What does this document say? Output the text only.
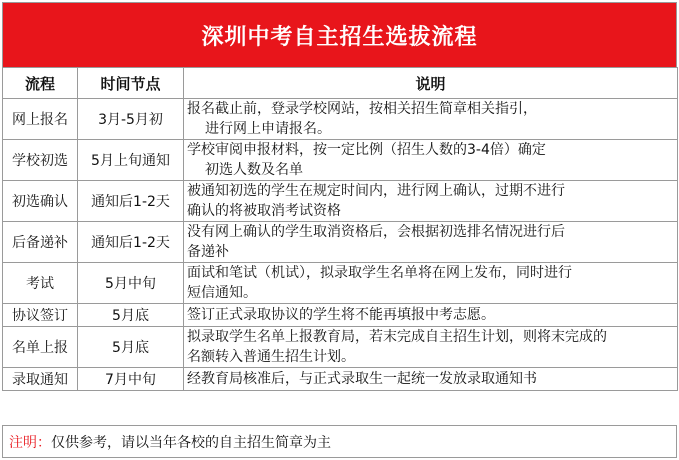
深圳中考自主招生选拔流程
流程	时间节点	说明
网上报名	3月-5月初	报名截止前，登录学校网站，按相关招生简章相关指引，
进行网上申请报名。

学校初选	5月上旬通知	学校审阅申报材料，按一定比例（招生人数的3-4倍）确定
初选人数及名单

初选确认	通知后1-2天	被通知初选的学生在规定时间内，进行网上确认，过期不进行
确认的将被取消考试资格

后备递补	通知后1-2天	没有网上确认的学生取消资格后，会根据初选排名情况进行后
备递补

考试	5月中旬	面试和笔试（机试），拟录取学生名单将在网上发布，同时进行
短信通知。

协议签订	5月底	签订正式录取协议的学生将不能再填报中考志愿。

名单上报	5月底	拟录取学生名单上报教育局，若末完成自主招生计划，则将末完成的
名额转入普通生招生计划。

录取通知	7月中旬	经教育局核准后，与正式录取生一起统一发放录取通知书
注明： 仅供参考，请以当年各校的自主招生简章为主
